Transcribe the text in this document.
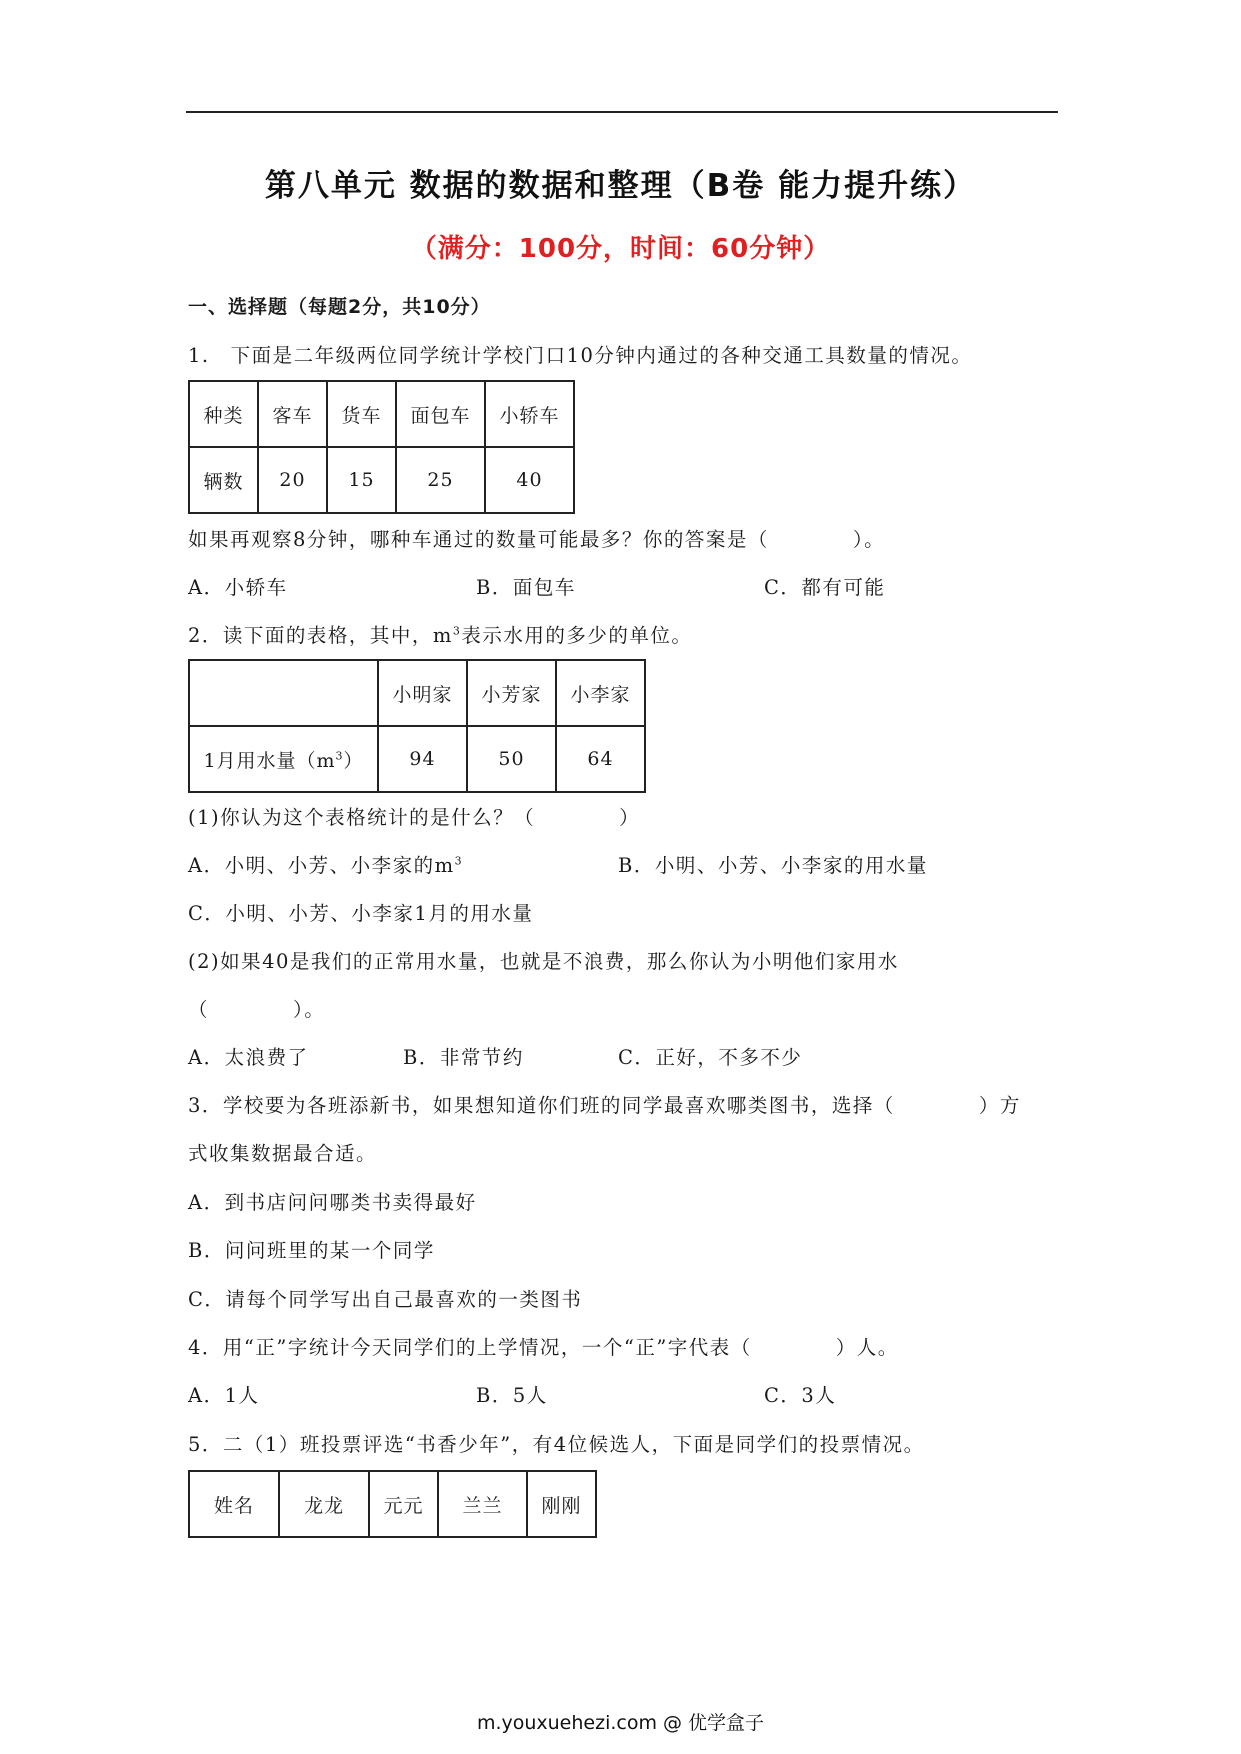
第八单元 数据的数据和整理（B卷 能力提升练）
（满分：100分，时间：60分钟）
一、选择题（每题2分，共10分）
1.　下面是二年级两位同学统计学校门口10分钟内通过的各种交通工具数量的情况。
种类	客车	货车	面包车	小轿车
辆数	20	15	25	40
如果再观察8分钟，哪种车通过的数量可能最多？你的答案是（　　　　）。
A．小轿车	B．面包车	C．都有可能
2．读下面的表格，其中，$m^3$表示水用的多少的单位。
	小明家	小芳家	小李家
1月用水量$(m^3)$	94	50	64
(1)你认为这个表格统计的是什么？（　　　　）
A．小明、小芳、小李家的$m^3$	B．小明、小芳、小李家的用水量
C．小明、小芳、小李家1月的用水量
(2)如果40是我们的正常用水量，也就是不浪费，那么你认为小明他们家用水
（　　　　）。
A．太浪费了	B．非常节约	C．正好，不多不少
3．学校要为各班添新书，如果想知道你们班的同学最喜欢哪类图书，选择（　　　　）方
式收集数据最合适。
A．到书店问问哪类书卖得最好
B．问问班里的某一个同学
C．请每个同学写出自己最喜欢的一类图书
4．用“正”字统计今天同学们的上学情况，一个“正”字代表（　　　　）人。
A．1人	B．5人	C．3人
5．二（1）班投票评选“书香少年”，有4位候选人，下面是同学们的投票情况。
姓名	龙龙	元元	兰兰	刚刚
m.youxuehezi.com @ 优学盒子
